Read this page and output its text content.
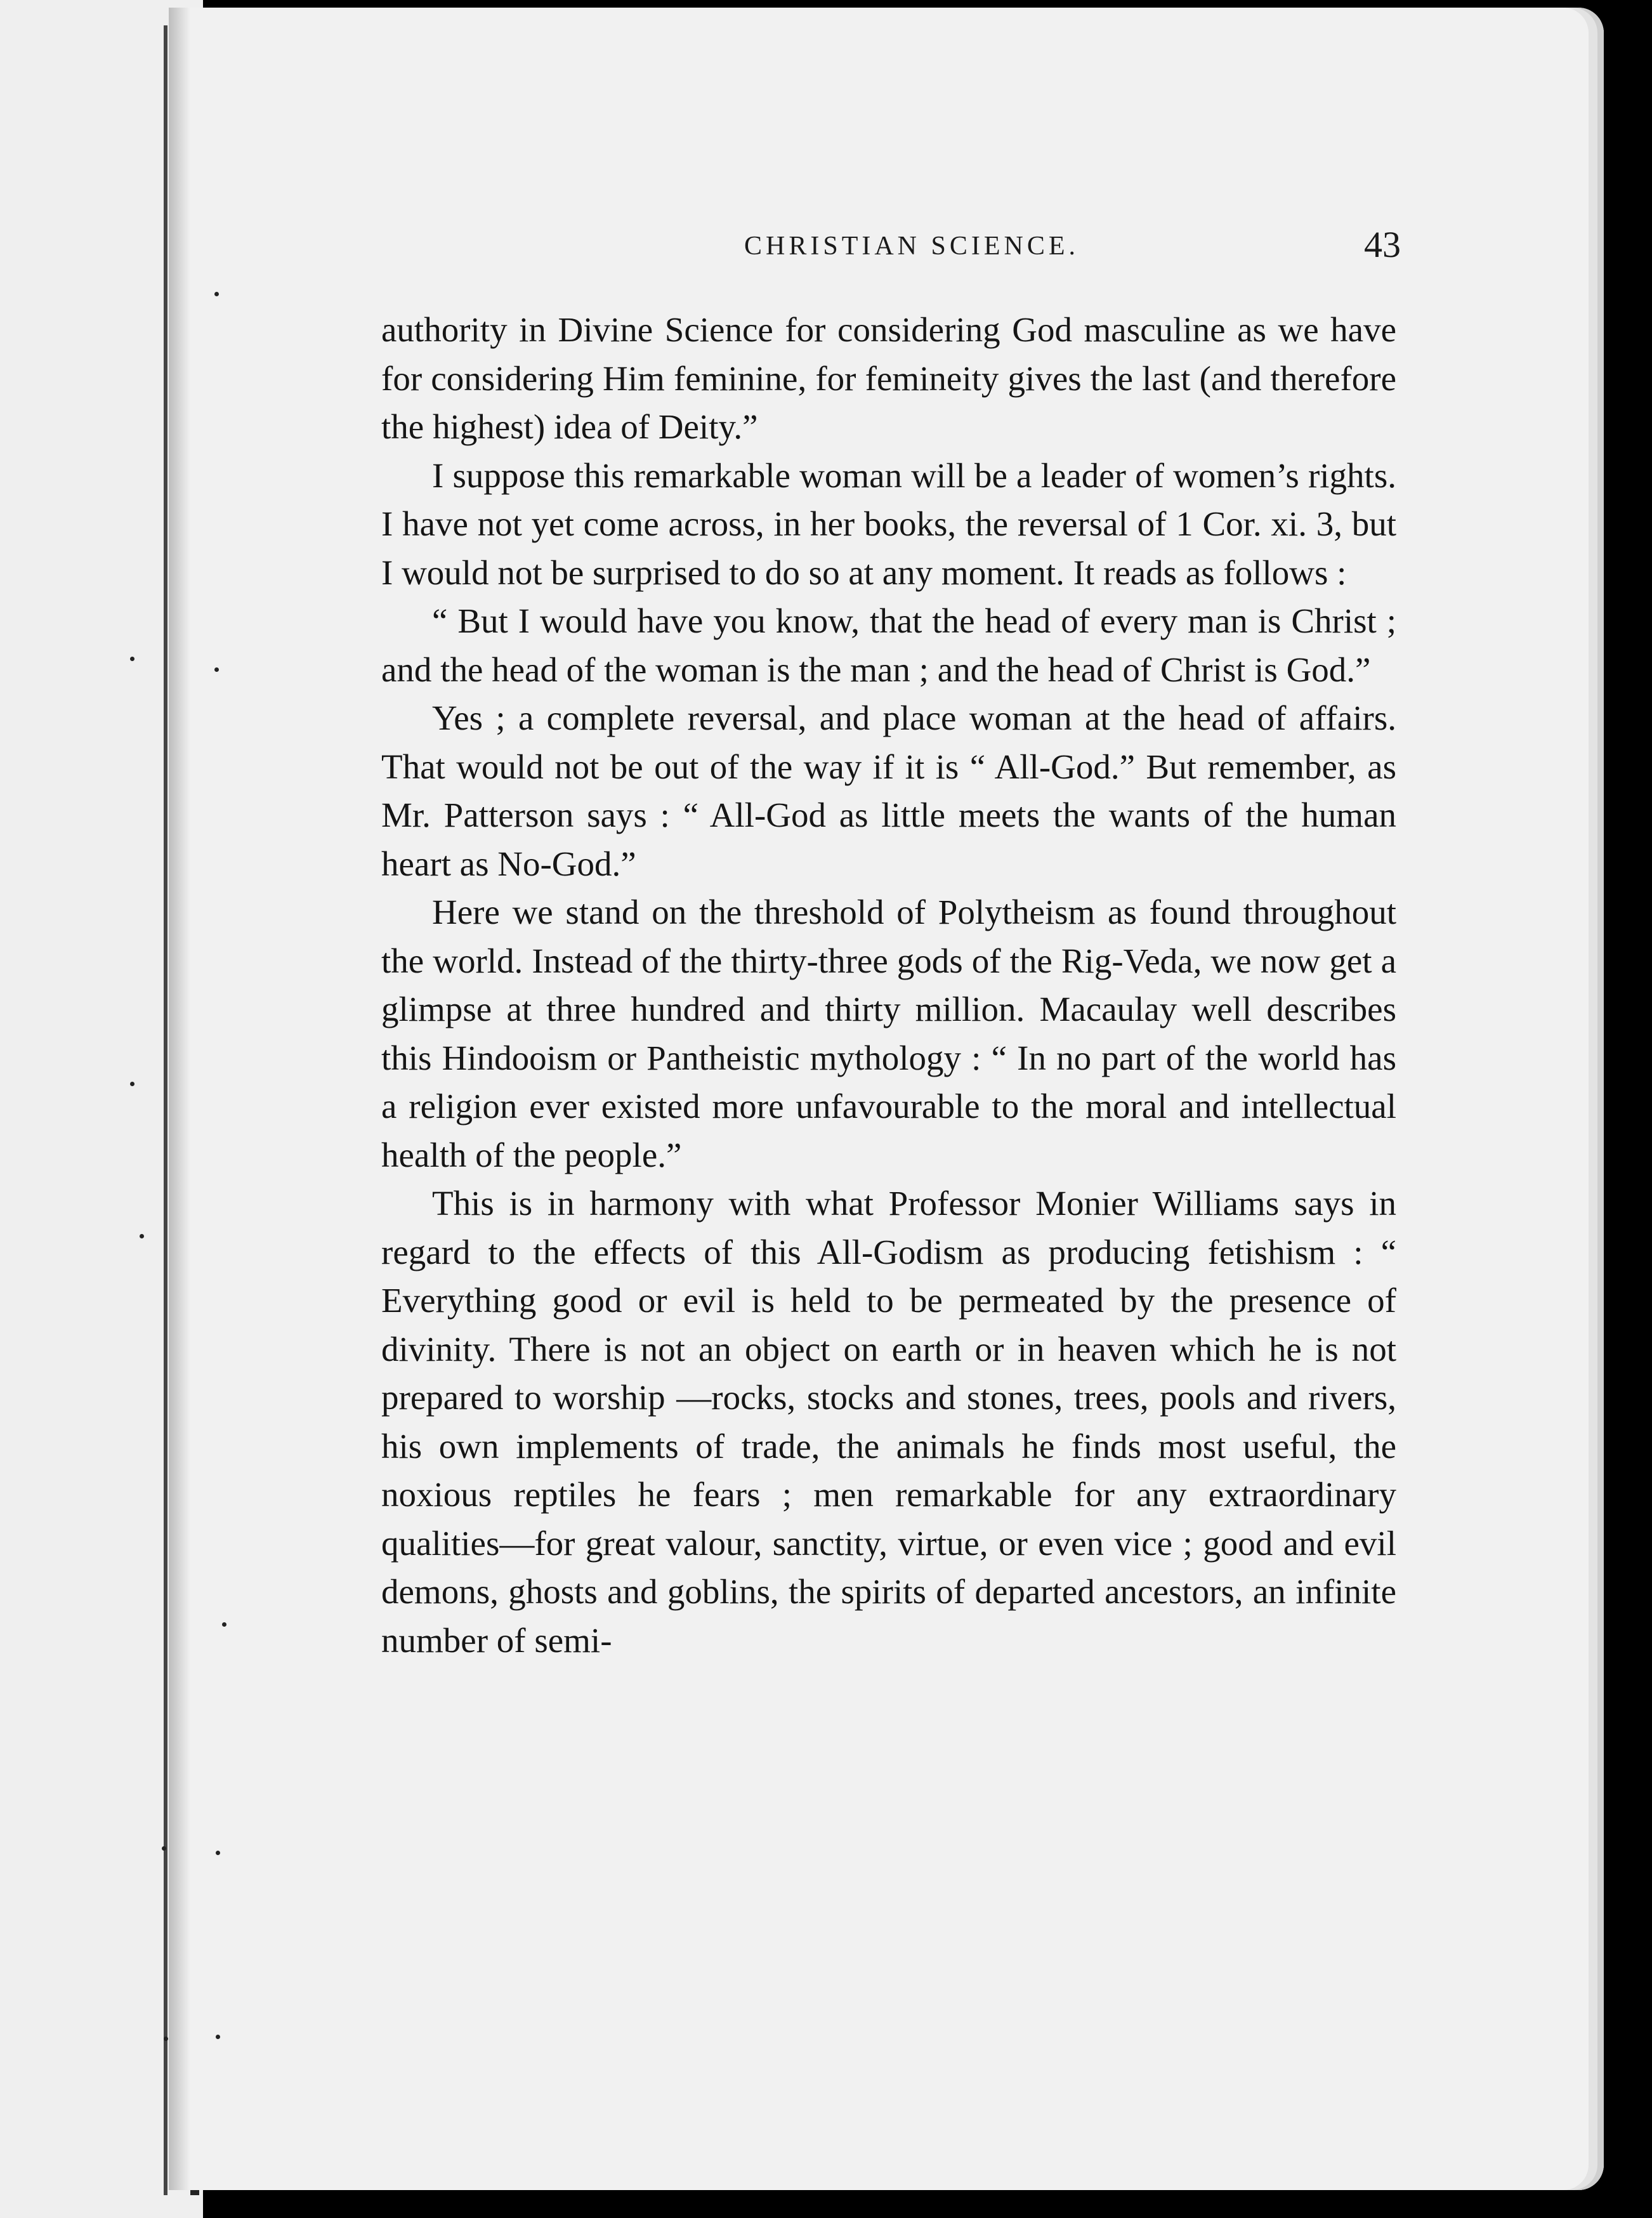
CHRISTIAN SCIENCE.	43

authority in Divine Science for considering God masculine as we have for considering Him feminine, for femineity gives the last (and therefore the highest) idea of Deity.”

I suppose this remarkable woman will be a leader of women’s rights. I have not yet come across, in her books, the reversal of 1 Cor. xi. 3, but I would not be surprised to do so at any moment. It reads as follows :

“ But I would have you know, that the head of every man is Christ ; and the head of the woman is the man ; and the head of Christ is God.”

Yes ; a complete reversal, and place woman at the head of affairs. That would not be out of the way if it is “ All-God.” But remember, as Mr. Patterson says : “ All-God as little meets the wants of the human heart as No-God.”

Here we stand on the threshold of Polytheism as found throughout the world. Instead of the thirty-three gods of the Rig-Veda, we now get a glimpse at three hundred and thirty million. Macaulay well describes this Hindooism or Pantheistic mythology : “ In no part of the world has a religion ever existed more unfavourable to the moral and intellectual health of the people.”

This is in harmony with what Professor Monier Williams says in regard to the effects of this All-Godism as producing fetishism : “ Everything good or evil is held to be permeated by the presence of divinity. There is not an object on earth or in heaven which he is not prepared to worship —rocks, stocks and stones, trees, pools and rivers, his own implements of trade, the animals he finds most useful, the noxious reptiles he fears ; men remarkable for any extraordinary qualities—for great valour, sanctity, virtue, or even vice ; good and evil demons, ghosts and goblins, the spirits of departed ancestors, an infinite number of semi-
